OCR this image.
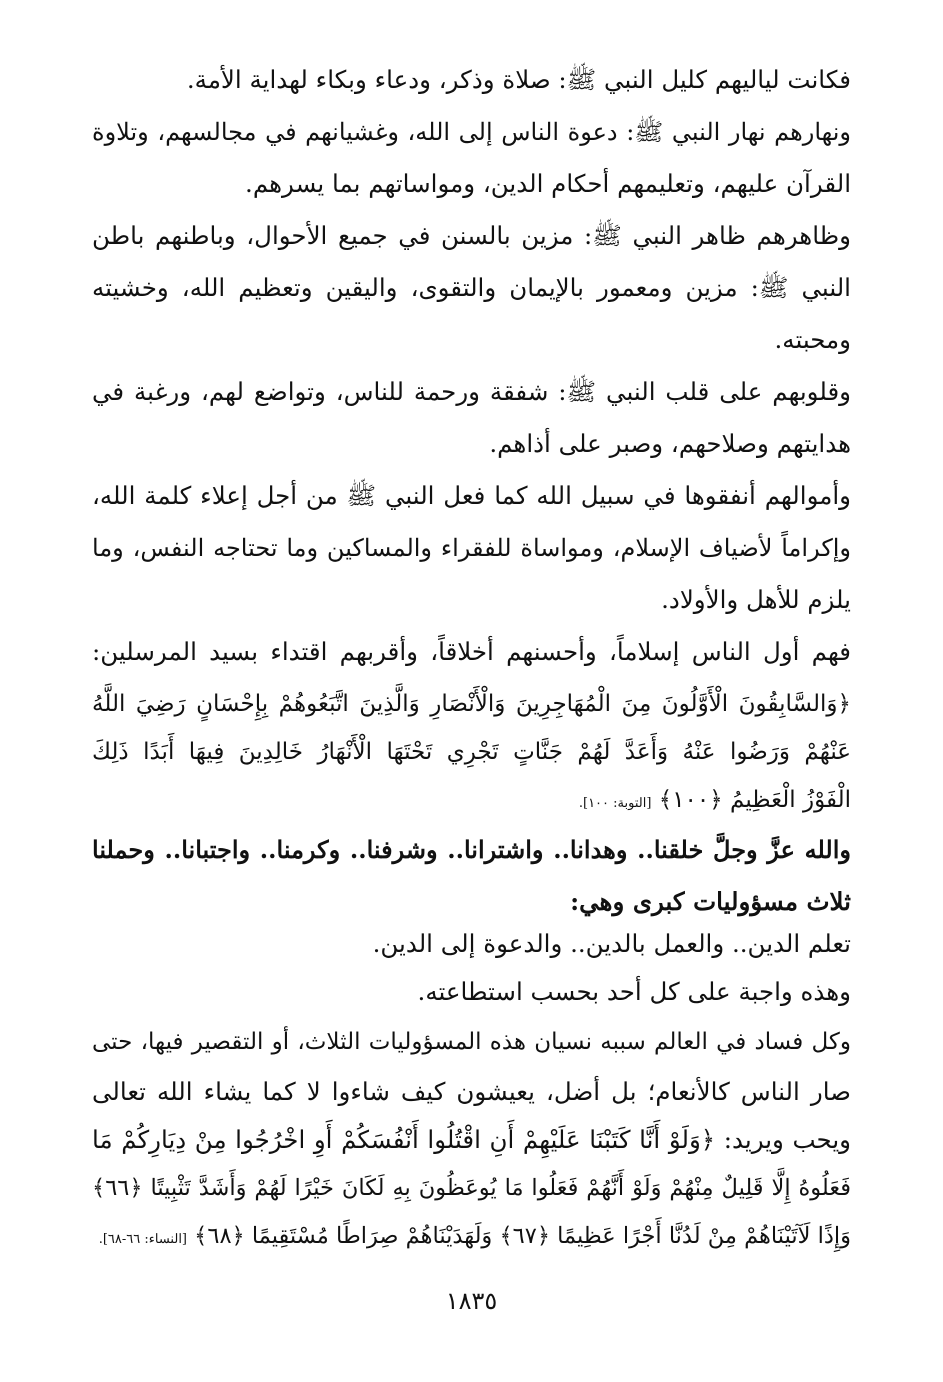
فكانت لياليهم كليل النبي ﷺ: صلاة وذكر، ودعاء وبكاء لهداية الأمة.
ونهارهم نهار النبي ﷺ: دعوة الناس إلى الله، وغشيانهم في مجالسهم، وتلاوة
القرآن عليهم، وتعليمهم أحكام الدين، ومواساتهم بما يسرهم.
وظاهرهم ظاهر النبي ﷺ: مزين بالسنن في جميع الأحوال، وباطنهم باطن
النبي ﷺ: مزين ومعمور بالإيمان والتقوى، واليقين وتعظيم الله، وخشيته
ومحبته.
وقلوبهم على قلب النبي ﷺ: شفقة ورحمة للناس، وتواضع لهم، ورغبة في
هدايتهم وصلاحهم، وصبر على أذاهم.
وأموالهم أنفقوها في سبيل الله كما فعل النبي ﷺ من أجل إعلاء كلمة الله،
وإكراماً لأضياف الإسلام، ومواساة للفقراء والمساكين وما تحتاجه النفس، وما
يلزم للأهل والأولاد.
فهم أول الناس إسلاماً، وأحسنهم أخلاقاً، وأقربهم اقتداء بسيد المرسلين:
﴿وَالسَّابِقُونَ الْأَوَّلُونَ مِنَ الْمُهَاجِرِينَ وَالْأَنْصَارِ وَالَّذِينَ اتَّبَعُوهُمْ بِإِحْسَانٍ رَضِيَ اللَّهُ
عَنْهُمْ وَرَضُوا عَنْهُ وَأَعَدَّ لَهُمْ جَنَّاتٍ تَجْرِي تَحْتَهَا الْأَنْهَارُ خَالِدِينَ فِيهَا أَبَدًا ذَلِكَ
الْفَوْزُ الْعَظِيمُ ﴿١٠٠﴾ [التوبة: ١٠٠].
والله عزَّ وجلَّ خلقنا.. وهدانا.. واشترانا.. وشرفنا.. وكرمنا.. واجتبانا.. وحملنا
ثلاث مسؤوليات كبرى وهي:
تعلم الدين.. والعمل بالدين.. والدعوة إلى الدين.
وهذه واجبة على كل أحد بحسب استطاعته.
وكل فساد في العالم سببه نسيان هذه المسؤوليات الثلاث، أو التقصير فيها، حتى
صار الناس كالأنعام؛ بل أضل، يعيشون كيف شاءوا لا كما يشاء الله تعالى
ويحب ويريد: ﴿وَلَوْ أَنَّا كَتَبْنَا عَلَيْهِمْ أَنِ اقْتُلُوا أَنْفُسَكُمْ أَوِ اخْرُجُوا مِنْ دِيَارِكُمْ مَا
فَعَلُوهُ إِلَّا قَلِيلٌ مِنْهُمْ وَلَوْ أَنَّهُمْ فَعَلُوا مَا يُوعَظُونَ بِهِ لَكَانَ خَيْرًا لَهُمْ وَأَشَدَّ تَثْبِيتًا ﴿٦٦﴾
وَإِذًا لَآتَيْنَاهُمْ مِنْ لَدُنَّا أَجْرًا عَظِيمًا ﴿٦٧﴾ وَلَهَدَيْنَاهُمْ صِرَاطًا مُسْتَقِيمًا ﴿٦٨﴾ [النساء: ٦٦-٦٨].
١٨٣٥
